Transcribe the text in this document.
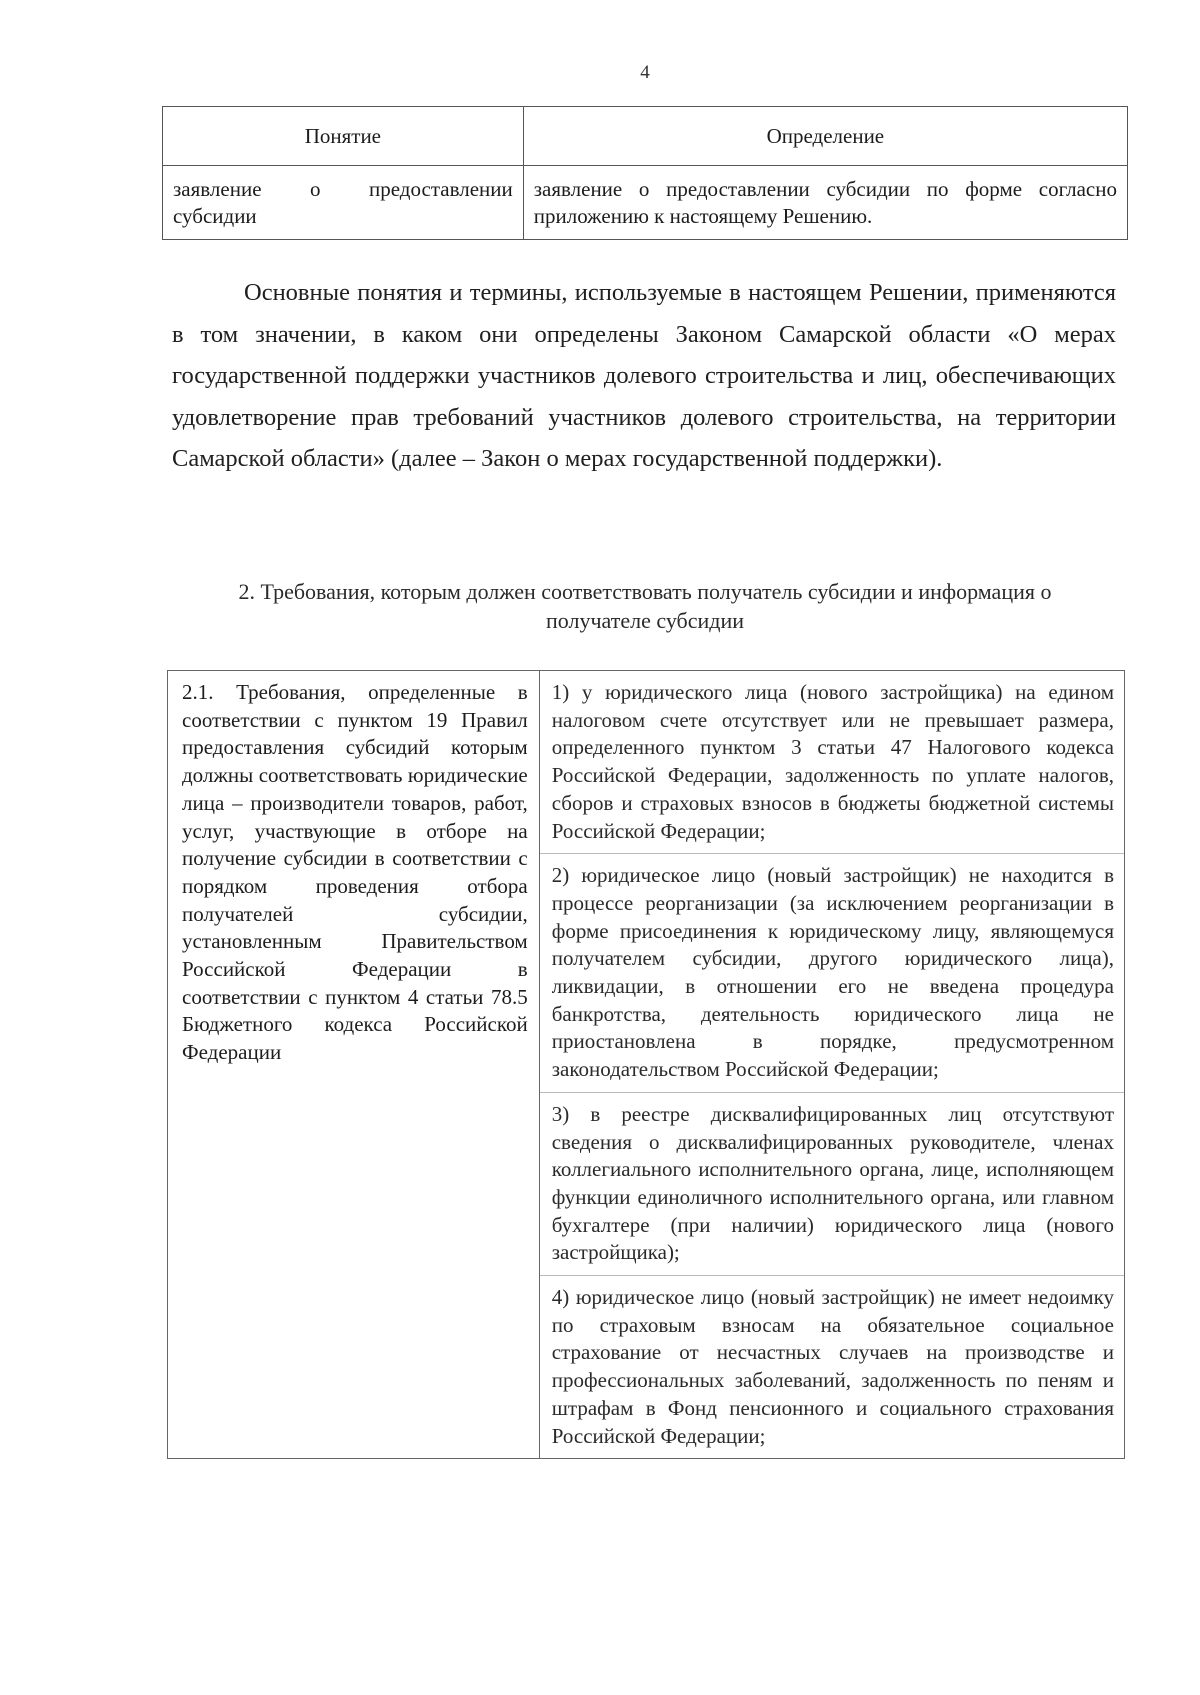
4
Понятие	Определение
заявление о предоставлении субсидии	заявление о предоставлении субсидии по форме согласно приложению к настоящему Решению.

Основные понятия и термины, используемые в настоящем Решении, применяются в том значении, в каком они определены Законом Самарской области «О мерах государственной поддержки участников долевого строительства и лиц, обеспечивающих удовлетворение прав требований участников долевого строительства, на территории Самарской области» (далее – Закон о мерах государственной поддержки).

2. Требования, которым должен соответствовать получатель субсидии и информация о получателе субсидии
2.1. Требования, определенные в соответствии с пунктом 19 Правил предоставления субсидий которым должны соответствовать юридические лица – производители товаров, работ, услуг, участвующие в отборе на получение субсидии в соответствии с порядком проведения отбора получателей субсидии, установленным Правительством Российской Федерации в соответствии с пунктом 4 статьи 78.5 Бюджетного кодекса Российской Федерации	
1) у юридического лица (нового застройщика) на едином налоговом счете отсутствует или не превышает размера, определенного пунктом 3 статьи 47 Налогового кодекса Российской Федерации, задолженность по уплате налогов, сборов и страховых взносов в бюджеты бюджетной системы Российской Федерации;
2) юридическое лицо (новый застройщик) не находится в процессе реорганизации (за исключением реорганизации в форме присоединения к юридическому лицу, являющемуся получателем субсидии, другого юридического лица), ликвидации, в отношении его не введена процедура банкротства, деятельность юридического лица не приостановлена в порядке, предусмотренном законодательством Российской Федерации;
3) в реестре дисквалифицированных лиц отсутствуют сведения о дисквалифицированных руководителе, членах коллегиального исполнительного органа, лице, исполняющем функции единоличного исполнительного органа, или главном бухгалтере (при наличии) юридического лица (нового застройщика);
4) юридическое лицо (новый застройщик) не имеет недоимку по страховым взносам на обязательное социальное страхование от несчастных случаев на производстве и профессиональных заболеваний, задолженность по пеням и штрафам в Фонд пенсионного и социального страхования Российской Федерации;
